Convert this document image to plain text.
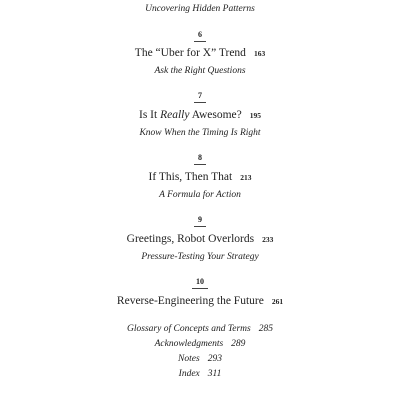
Uncovering Hidden Patterns
6
The “Uber for X” Trend 163
Ask the Right Questions
7
Is It Really Awesome? 195
Know When the Timing Is Right
8
If This, Then That 213
A Formula for Action
9
Greetings, Robot Overlords 233
Pressure-Testing Your Strategy
10
Reverse-Engineering the Future 261
Glossary of Concepts and Terms 285
Acknowledgments 289
Notes 293
Index 311
